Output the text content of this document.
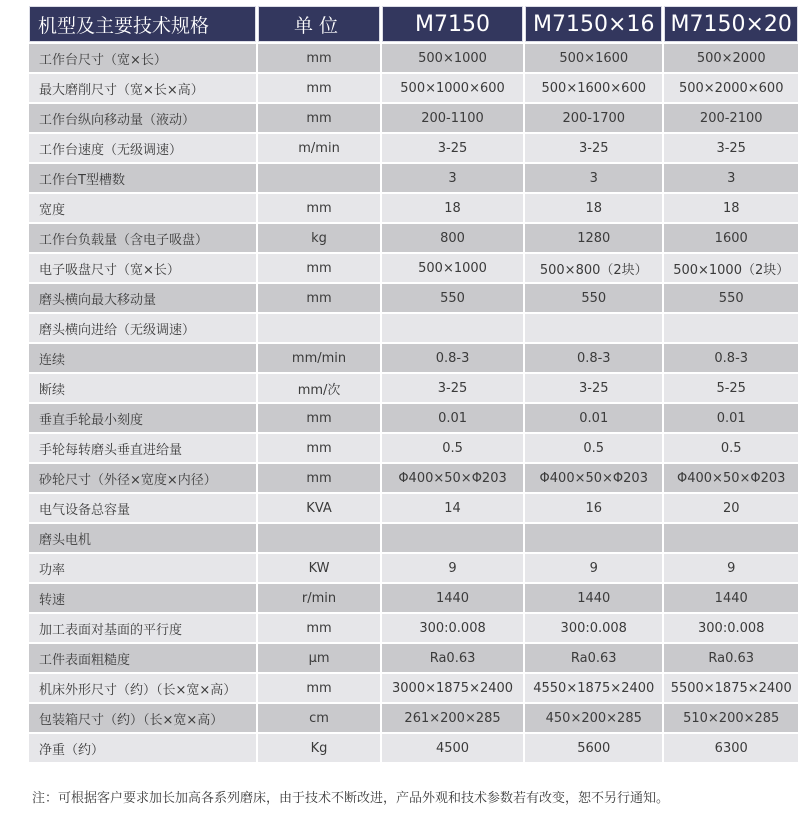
机型及主要技术规格	单位	M7150	M7150×16	M7150×20
工作台尺寸（宽×长）	mm	500×1000	500×1600	500×2000
最大磨削尺寸（宽×长×高）	mm	500×1000×600	500×1600×600	500×2000×600
工作台纵向移动量（液动）	mm	200-1100	200-1700	200-2100
工作台速度（无级调速）	m/min	3-25	3-25	3-25
工作台T型槽数		3	3	3
宽度	mm	18	18	18
工作台负载量（含电子吸盘）	kg	800	1280	1600
电子吸盘尺寸（宽×长）	mm	500×1000	500×800（2块）	500×1000（2块）
磨头横向最大移动量	mm	550	550	550
磨头横向进给（无级调速）				
连续	mm/min	0.8-3	0.8-3	0.8-3
断续	mm/次	3-25	3-25	5-25
垂直手轮最小刻度	mm	0.01	0.01	0.01
手轮每转磨头垂直进给量	mm	0.5	0.5	0.5
砂轮尺寸（外径×宽度×内径）	mm	Φ400×50×Φ203	Φ400×50×Φ203	Φ400×50×Φ203
电气设备总容量	KVA	14	16	20
磨头电机				
功率	KW	9	9	9
转速	r/min	1440	1440	1440
加工表面对基面的平行度	mm	300:0.008	300:0.008	300:0.008
工件表面粗糙度	μm	Ra0.63	Ra0.63	Ra0.63
机床外形尺寸（约）（长×宽×高）	mm	3000×1875×2400	4550×1875×2400	5500×1875×2400
包装箱尺寸（约）（长×宽×高）	cm	261×200×285	450×200×285	510×200×285
净重（约）	Kg	4500	5600	6300
注：可根据客户要求加长加高各系列磨床，由于技术不断改进，产品外观和技术参数若有改变，恕不另行通知。
